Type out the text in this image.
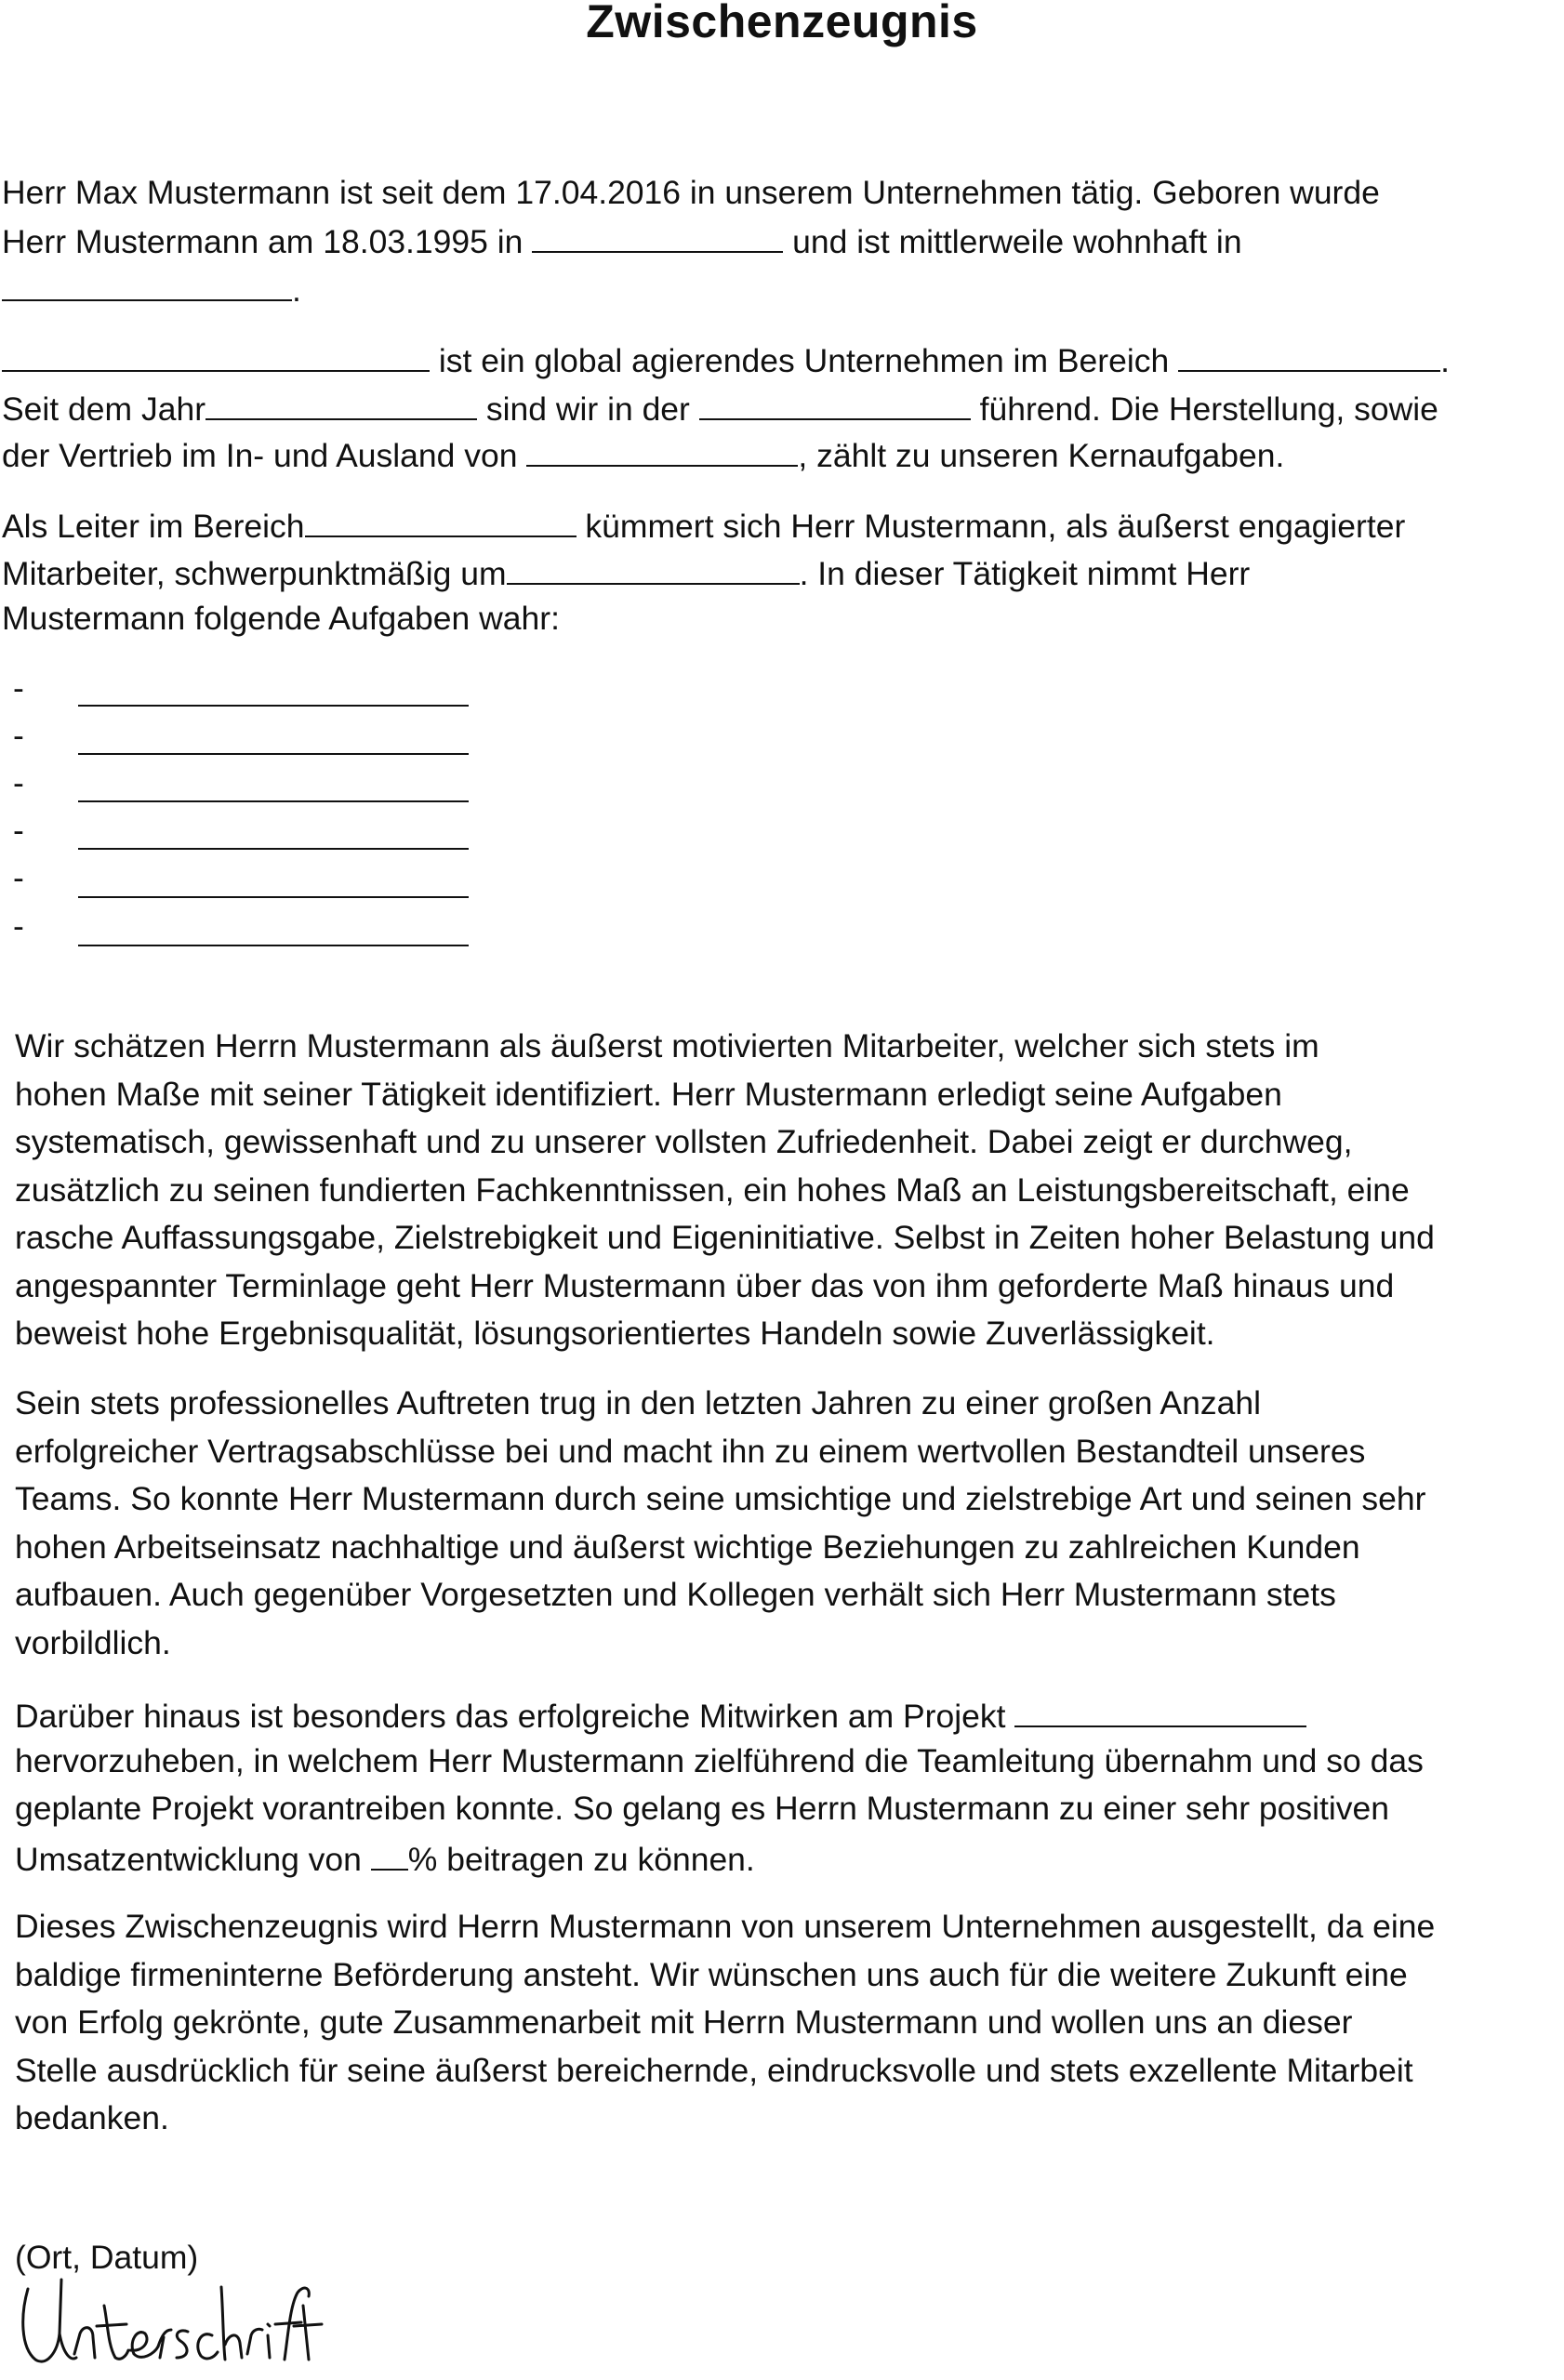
Zwischenzeugnis
Herr Max Mustermann ist seit dem 17.04.2016 in unserem Unternehmen tätig. Geboren wurde
Herr Mustermann am 18.03.1995 in	und ist mittlerweile wohnhaft in
.
ist ein global agierendes Unternehmen im Bereich	.
Seit dem Jahr	sind wir in der	führend. Die Herstellung, sowie
der Vertrieb im In- und Ausland von	, zählt zu unseren Kernaufgaben.
Als Leiter im Bereich	kümmert sich Herr Mustermann, als äußerst engagierter
Mitarbeiter, schwerpunktmäßig um	. In dieser Tätigkeit nimmt Herr
Mustermann folgende Aufgaben wahr:
-
-
-
-
-
-
Wir schätzen Herrn Mustermann als äußerst motivierten Mitarbeiter, welcher sich stets im
hohen Maße mit seiner Tätigkeit identifiziert. Herr Mustermann erledigt seine Aufgaben
systematisch, gewissenhaft und zu unserer vollsten Zufriedenheit. Dabei zeigt er durchweg,
zusätzlich zu seinen fundierten Fachkenntnissen, ein hohes Maß an Leistungsbereitschaft, eine
rasche Auffassungsgabe, Zielstrebigkeit und Eigeninitiative. Selbst in Zeiten hoher Belastung und
angespannter Terminlage geht Herr Mustermann über das von ihm geforderte Maß hinaus und
beweist hohe Ergebnisqualität, lösungsorientiertes Handeln sowie Zuverlässigkeit.
Sein stets professionelles Auftreten trug in den letzten Jahren zu einer großen Anzahl
erfolgreicher Vertragsabschlüsse bei und macht ihn zu einem wertvollen Bestandteil unseres
Teams. So konnte Herr Mustermann durch seine umsichtige und zielstrebige Art und seinen sehr
hohen Arbeitseinsatz nachhaltige und äußerst wichtige Beziehungen zu zahlreichen Kunden
aufbauen. Auch gegenüber Vorgesetzten und Kollegen verhält sich Herr Mustermann stets
vorbildlich.
Darüber hinaus ist besonders das erfolgreiche Mitwirken am Projekt
hervorzuheben, in welchem Herr Mustermann zielführend die Teamleitung übernahm und so das
geplante Projekt vorantreiben konnte. So gelang es Herrn Mustermann zu einer sehr positiven
Umsatzentwicklung von % beitragen zu können.
Dieses Zwischenzeugnis wird Herrn Mustermann von unserem Unternehmen ausgestellt, da eine
baldige firmeninterne Beförderung ansteht. Wir wünschen uns auch für die weitere Zukunft eine
von Erfolg gekrönte, gute Zusammenarbeit mit Herrn Mustermann und wollen uns an dieser
Stelle ausdrücklich für seine äußerst bereichernde, eindrucksvolle und stets exzellente Mitarbeit
bedanken.
(Ort, Datum)
